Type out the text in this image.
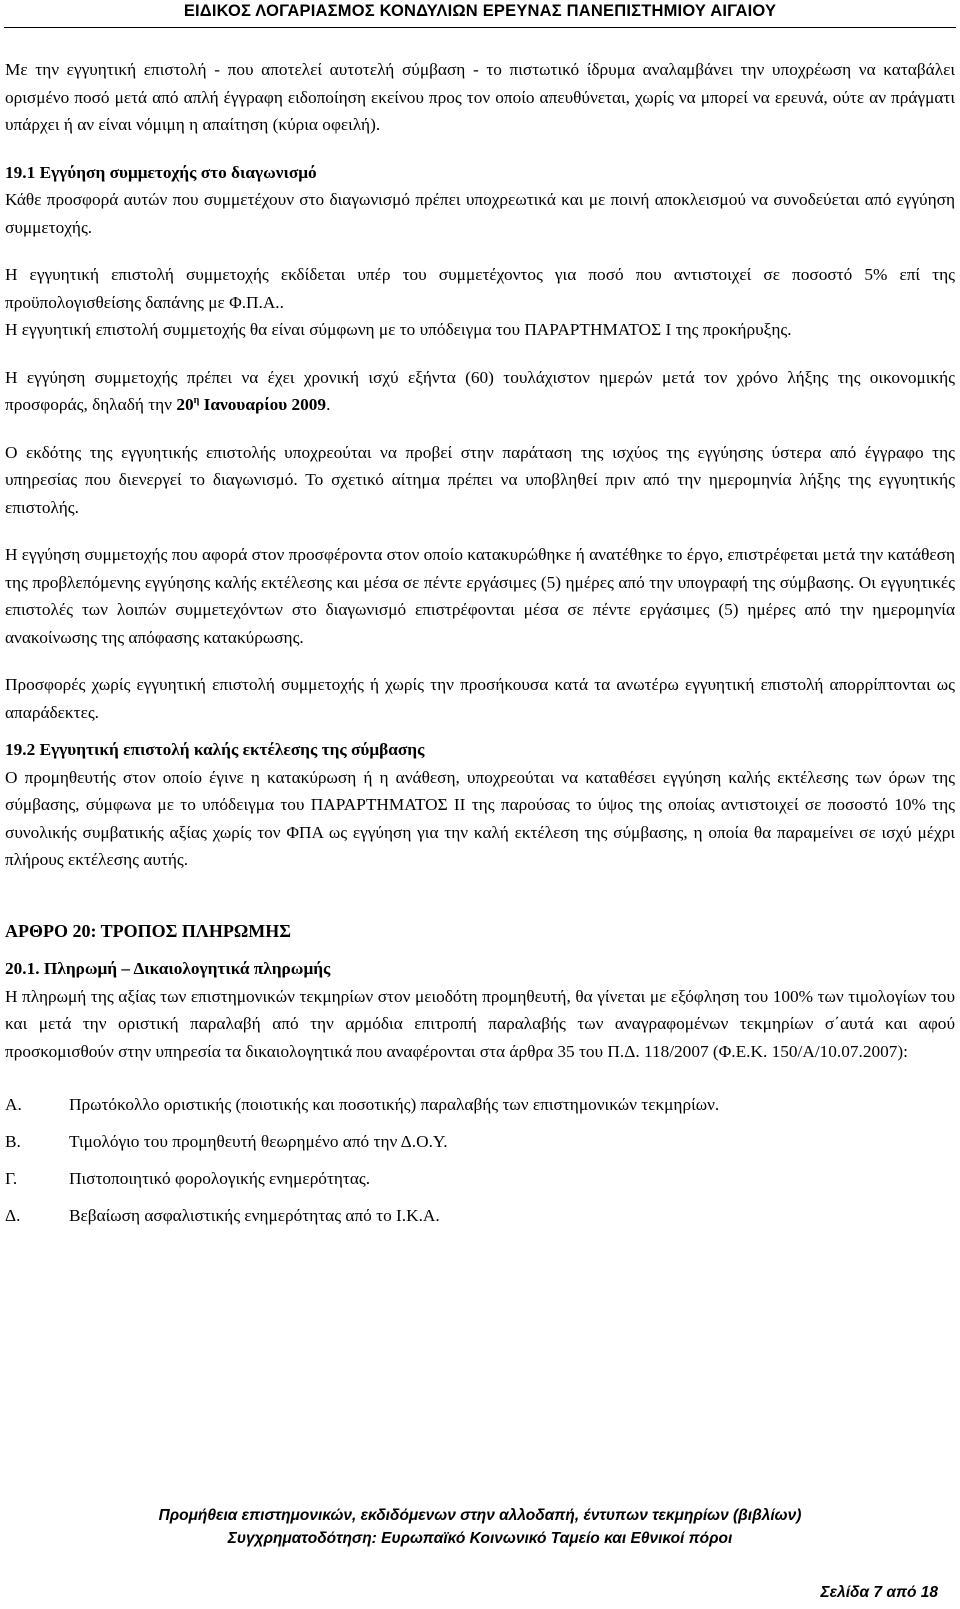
ΕΙΔΙΚΟΣ ΛΟΓΑΡΙΑΣΜΟΣ ΚΟΝΔΥΛΙΩΝ ΕΡΕΥΝΑΣ ΠΑΝΕΠΙΣΤΗΜΙΟΥ ΑΙΓΑΙΟΥ

Με την εγγυητική επιστολή - που αποτελεί αυτοτελή σύμβαση - το πιστωτικό ίδρυμα αναλαμβάνει την υποχρέωση να καταβάλει ορισμένο ποσό μετά από απλή έγγραφη ειδοποίηση εκείνου προς τον οποίο απευθύνεται, χωρίς να μπορεί να ερευνά, ούτε αν πράγματι υπάρχει ή αν είναι νόμιμη η απαίτηση (κύρια οφειλή).

19.1 Εγγύηση συμμετοχής στο διαγωνισμό

Κάθε προσφορά αυτών που συμμετέχουν στο διαγωνισμό πρέπει υποχρεωτικά και με ποινή αποκλεισμού να συνοδεύεται από εγγύηση συμμετοχής.

Η εγγυητική επιστολή συμμετοχής εκδίδεται υπέρ του συμμετέχοντος για ποσό που αντιστοιχεί σε ποσοστό 5% επί της προϋπολογισθείσης δαπάνης με Φ.Π.Α..

Η εγγυητική επιστολή συμμετοχής θα είναι σύμφωνη με το υπόδειγμα του ΠΑΡΑΡΤΗΜΑΤΟΣ Ι της προκήρυξης.

Η εγγύηση συμμετοχής πρέπει να έχει χρονική ισχύ εξήντα (60) τουλάχιστον ημερών μετά τον χρόνο λήξης της οικονομικής προσφοράς, δηλαδή την $20^\eta$ Ιανουαρίου 2009.

Ο εκδότης της εγγυητικής επιστολής υποχρεούται να προβεί στην παράταση της ισχύος της εγγύησης ύστερα από έγγραφο της υπηρεσίας που διενεργεί το διαγωνισμό. Το σχετικό αίτημα πρέπει να υποβληθεί πριν από την ημερομηνία λήξης της εγγυητικής επιστολής.

Η εγγύηση συμμετοχής που αφορά στον προσφέροντα στον οποίο κατακυρώθηκε ή ανατέθηκε το έργο, επιστρέφεται μετά την κατάθεση της προβλεπόμενης εγγύησης καλής εκτέλεσης και μέσα σε πέντε εργάσιμες (5) ημέρες από την υπογραφή της σύμβασης. Οι εγγυητικές επιστολές των λοιπών συμμετεχόντων στο διαγωνισμό επιστρέφονται μέσα σε πέντε εργάσιμες (5) ημέρες από την ημερομηνία ανακοίνωσης της απόφασης κατακύρωσης.

Προσφορές χωρίς εγγυητική επιστολή συμμετοχής ή χωρίς την προσήκουσα κατά τα ανωτέρω εγγυητική επιστολή απορρίπτονται ως απαράδεκτες.

19.2 Εγγυητική επιστολή καλής εκτέλεσης της σύμβασης

Ο προμηθευτής στον οποίο έγινε η κατακύρωση ή η ανάθεση, υποχρεούται να καταθέσει εγγύηση καλής εκτέλεσης των όρων της σύμβασης, σύμφωνα με το υπόδειγμα του ΠΑΡΑΡΤΗΜΑΤΟΣ ΙΙ της παρούσας το ύψος της οποίας αντιστοιχεί σε ποσοστό 10% της συνολικής συμβατικής αξίας χωρίς τον ΦΠΑ ως εγγύηση για την καλή εκτέλεση της σύμβασης, η οποία θα παραμείνει σε ισχύ μέχρι πλήρους εκτέλεσης αυτής.

ΑΡΘΡΟ 20: ΤΡΟΠΟΣ ΠΛΗΡΩΜΗΣ

20.1. Πληρωμή – Δικαιολογητικά πληρωμής

Η πληρωμή της αξίας των επιστημονικών τεκμηρίων στον μειοδότη προμηθευτή, θα γίνεται με εξόφληση του 100% των τιμολογίων του και μετά την οριστική παραλαβή από την αρμόδια επιτροπή παραλαβής των αναγραφομένων τεκμηρίων σ΄αυτά και αφού προσκομισθούν στην υπηρεσία τα δικαιολογητικά που αναφέρονται στα άρθρα 35 του Π.Δ. 118/2007 (Φ.Ε.Κ. 150/Α/10.07.2007):

Α.	Πρωτόκολλο οριστικής (ποιοτικής και ποσοτικής) παραλαβής των επιστημονικών τεκμηρίων.
Β.	Τιμολόγιο του προμηθευτή θεωρημένο από την Δ.Ο.Υ.
Γ.	Πιστοποιητικό φορολογικής ενημερότητας.
Δ.	Βεβαίωση ασφαλιστικής ενημερότητας από το Ι.Κ.Α.
Προμήθεια επιστημονικών, εκδιδόμενων στην αλλοδαπή, έντυπων τεκμηρίων (βιβλίων)
Συγχρηματοδότηση: Ευρωπαϊκό Κοινωνικό Ταμείο και Εθνικοί πόροι
Σελίδα 7 από 18
